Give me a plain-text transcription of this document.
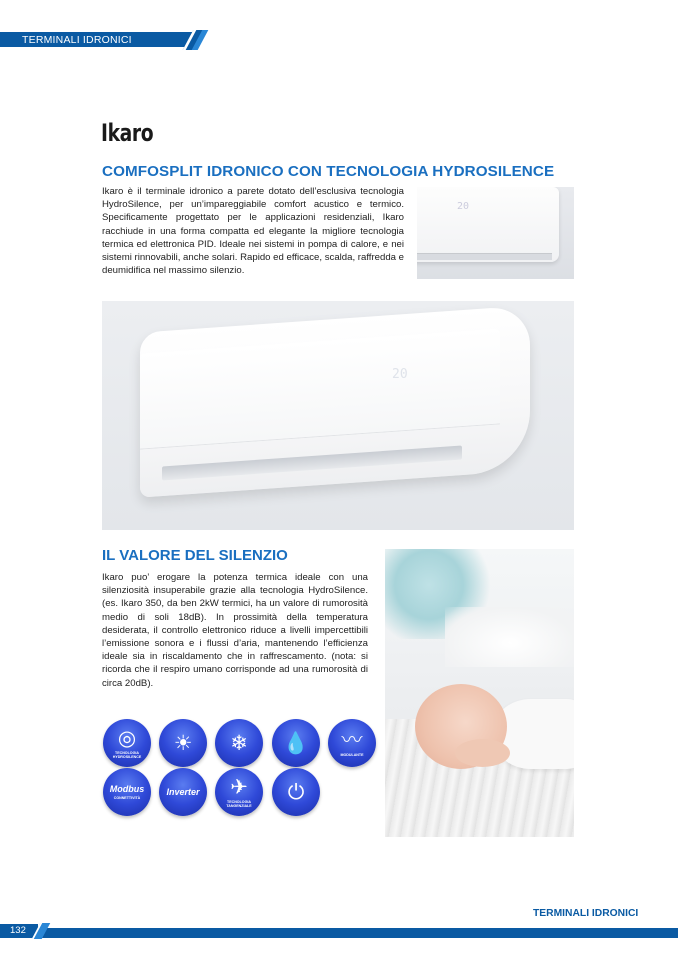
TERMINALI IDRONICI
Ikaro
COMFOSPLIT IDRONICO CON TECNOLOGIA HYDROSILENCE
Ikaro è il terminale idronico a parete dotato dell’esclusiva tecnologia HydroSilence, per un’impareggiabile comfort acustico e termico. Specificamente progettato per le applicazioni residenziali, Ikaro racchiude in una forma compatta ed elegante la migliore tecnologia termica ed elettronica PID. Ideale nei sistemi in pompa di calore, e nei sistemi rinnovabili, anche solari. Rapido ed efficace, scalda, raffredda e deumidifica nel massimo silenzio.
20
20
IL VALORE DEL SILENZIO
Ikaro puo’ erogare la potenza termica ideale con una silenziosità insuperabile grazie alla tecnologia HydroSilence. (es. Ikaro 350, da ben 2kW termici, ha un valore di rumorosità medio di soli 18dB). In prossimità della temperatura desiderata, il controllo elettronico riduce a livelli impercettibili l’emissione sonora e i flussi d’aria, mantenendo l’efficienza ideale sia in riscaldamento che in raffrescamento. (nota: si ricorda che il respiro umano corrisponde ad una rumorosità di circa 20dB).
◎
TECNOLOGIA HYDROSILENCE
☀ ❄ 💧 〰
MODULANTE
Modbus
CONNETTIVITÀ
Inverter ✈
TECNOLOGIA TANGENZIALE
⏻
TERMINALI IDRONICI
132
